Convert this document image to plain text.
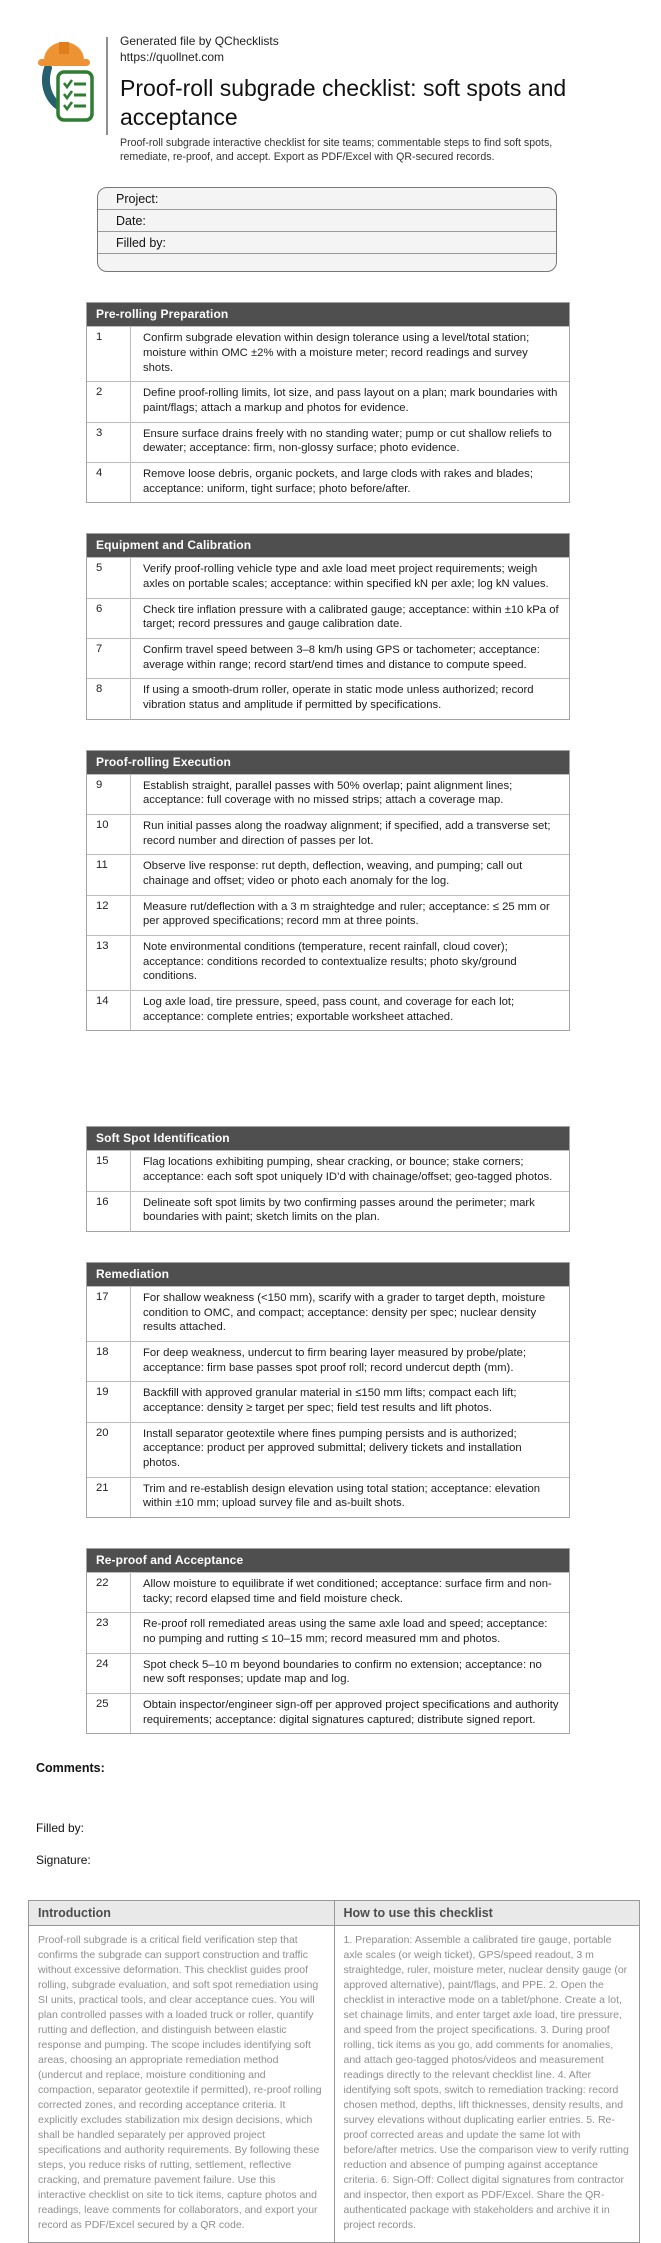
Generated file by QChecklists
https://quollnet.com
Proof-roll subgrade checklist: soft spots and acceptance
Proof-roll subgrade interactive checklist for site teams; commentable steps to find soft spots, remediate, re-proof, and accept. Export as PDF/Excel with QR-secured records.
Project:
Date:
Filled by:
Pre-rolling Preparation
1	Confirm subgrade elevation within design tolerance using a level/total station; moisture within OMC ±2% with a moisture meter; record readings and survey shots.
2	Define proof-rolling limits, lot size, and pass layout on a plan; mark boundaries with paint/flags; attach a markup and photos for evidence.
3	Ensure surface drains freely with no standing water; pump or cut shallow reliefs to dewater; acceptance: firm, non-glossy surface; photo evidence.
4	Remove loose debris, organic pockets, and large clods with rakes and blades; acceptance: uniform, tight surface; photo before/after.
Equipment and Calibration
5	Verify proof-rolling vehicle type and axle load meet project requirements; weigh axles on portable scales; acceptance: within specified kN per axle; log kN values.
6	Check tire inflation pressure with a calibrated gauge; acceptance: within ±10 kPa of target; record pressures and gauge calibration date.
7	Confirm travel speed between 3–8 km/h using GPS or tachometer; acceptance: average within range; record start/end times and distance to compute speed.
8	If using a smooth-drum roller, operate in static mode unless authorized; record vibration status and amplitude if permitted by specifications.
Proof-rolling Execution
9	Establish straight, parallel passes with 50% overlap; paint alignment lines; acceptance: full coverage with no missed strips; attach a coverage map.
10	Run initial passes along the roadway alignment; if specified, add a transverse set; record number and direction of passes per lot.
11	Observe live response: rut depth, deflection, weaving, and pumping; call out chainage and offset; video or photo each anomaly for the log.
12	Measure rut/deflection with a 3 m straightedge and ruler; acceptance: ≤ 25 mm or per approved specifications; record mm at three points.
13	Note environmental conditions (temperature, recent rainfall, cloud cover); acceptance: conditions recorded to contextualize results; photo sky/ground conditions.
14	Log axle load, tire pressure, speed, pass count, and coverage for each lot; acceptance: complete entries; exportable worksheet attached.
Soft Spot Identification
15	Flag locations exhibiting pumping, shear cracking, or bounce; stake corners; acceptance: each soft spot uniquely ID’d with chainage/offset; geo-tagged photos.
16	Delineate soft spot limits by two confirming passes around the perimeter; mark boundaries with paint; sketch limits on the plan.
Remediation
17	For shallow weakness (<150 mm), scarify with a grader to target depth, moisture condition to OMC, and compact; acceptance: density per spec; nuclear density results attached.
18	For deep weakness, undercut to firm bearing layer measured by probe/plate; acceptance: firm base passes spot proof roll; record undercut depth (mm).
19	Backfill with approved granular material in ≤150 mm lifts; compact each lift; acceptance: density ≥ target per spec; field test results and lift photos.
20	Install separator geotextile where fines pumping persists and is authorized; acceptance: product per approved submittal; delivery tickets and installation photos.
21	Trim and re-establish design elevation using total station; acceptance: elevation within ±10 mm; upload survey file and as-built shots.
Re-proof and Acceptance
22	Allow moisture to equilibrate if wet conditioned; acceptance: surface firm and non-tacky; record elapsed time and field moisture check.
23	Re-proof roll remediated areas using the same axle load and speed; acceptance: no pumping and rutting ≤ 10–15 mm; record measured mm and photos.
24	Spot check 5–10 m beyond boundaries to confirm no extension; acceptance: no new soft responses; update map and log.
25	Obtain inspector/engineer sign-off per approved project specifications and authority requirements; acceptance: digital signatures captured; distribute signed report.
Comments:
Filled by:
Signature:
Introduction	How to use this checklist
Proof-roll subgrade is a critical field verification step that confirms the subgrade can support construction and traffic without excessive deformation. This checklist guides proof rolling, subgrade evaluation, and soft spot remediation using SI units, practical tools, and clear acceptance cues. You will plan controlled passes with a loaded truck or roller, quantify rutting and deflection, and distinguish between elastic response and pumping. The scope includes identifying soft areas, choosing an appropriate remediation method (undercut and replace, moisture conditioning and compaction, separator geotextile if permitted), re-proof rolling corrected zones, and recording acceptance criteria. It explicitly excludes stabilization mix design decisions, which shall be handled separately per approved project specifications and authority requirements. By following these steps, you reduce risks of rutting, settlement, reflective cracking, and premature pavement failure. Use this interactive checklist on site to tick items, capture photos and readings, leave comments for collaborators, and export your record as PDF/Excel secured by a QR code.	1. Preparation: Assemble a calibrated tire gauge, portable axle scales (or weigh ticket), GPS/speed readout, 3 m straightedge, ruler, moisture meter, nuclear density gauge (or approved alternative), paint/flags, and PPE. 2. Open the checklist in interactive mode on a tablet/phone. Create a lot, set chainage limits, and enter target axle load, tire pressure, and speed from the project specifications. 3. During proof rolling, tick items as you go, add comments for anomalies, and attach geo-tagged photos/videos and measurement readings directly to the relevant checklist line. 4. After identifying soft spots, switch to remediation tracking: record chosen method, depths, lift thicknesses, density results, and survey elevations without duplicating earlier entries. 5. Re-proof corrected areas and update the same lot with before/after metrics. Use the comparison view to verify rutting reduction and absence of pumping against acceptance criteria. 6. Sign-Off: Collect digital signatures from contractor and inspector, then export as PDF/Excel. Share the QR-authenticated package with stakeholders and archive it in project records.
